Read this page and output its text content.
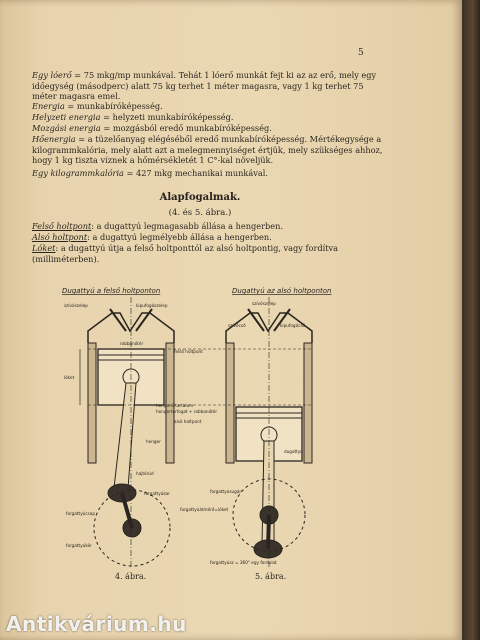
5
Egy lóerő = 75 mkg/mp munkával. Tehát 1 lóerő munkát fejt ki az az erő, mely egy időegység (másodperc) alatt 75 kg terhet 1 méter magasra, vagy 1 kg terhet 75 méter magasra emel.
Energia = munkabíróképesség.
Helyzeti energia = helyzeti munkabíróképesség.
Mozgási energia = mozgásból eredő munkabíróképesség.
Hőenergia = a tüzelőanyag elégéséből eredő munkabíróképesség. Mértékegysége a kilogrammkalória, mely alatt azt a melegmennyiséget értjük, mely szükséges ahhoz, hogy 1 kg tiszta víznek a hőmérsékletét 1 C°-kal növeljük.
Egy kilogrammkalória = 427 mkg mechanikai munkával.
Alapfogalmak.
(4. és 5. ábra.)
Felső holtpont: a dugattyú legmagasabb állása a hengerben.
Alsó holtpont: a dugattyú legmélyebb állása a hengerben.
Lóket: a dugattyú útja a felső holtponttól az alsó holtpontig, vagy fordítva (milliméterben).
Dugattyú a felső holtponton	Dugattyú az alsó holtponton
szívószelep	kipufogószelep
robbanótér
szívószelep
szívócső	kipufogócső
lóket
hengerűrtartalom
hengertérfogat + robbanótér
felső holtpont
alsó holtpont
henger
dugattyú
hajtórúd
forgattyúkar
forgattyúcsap
forgattyúkör
forgattyúsugár
forgattyúátmérő=lóket
forgattyúsz = 360° egy fordulat
4. ábra.	5. ábra.
Antikvárium.hu
